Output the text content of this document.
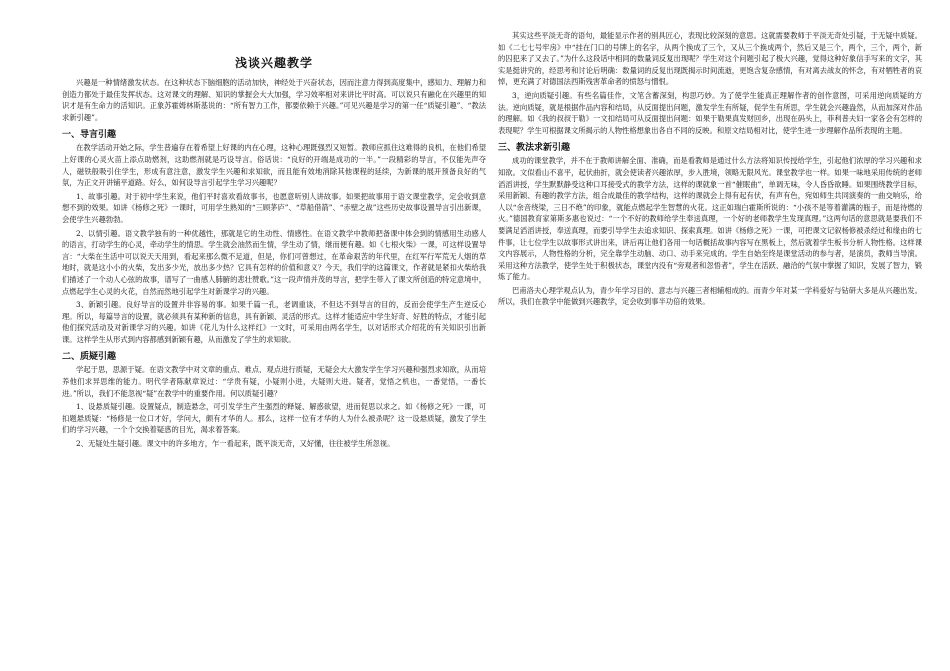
浅谈兴趣教学

兴趣是一种情绪激发状态。在这种状态下脑细胞的活动加快，神经处于兴奋状态，因而注意力得到高度集中，感知力、理解力和创造力都处于最佳发挥状态。这对课文的理解、知识的掌握会大大加强，学习效率相对来讲比平时高。可以说只有融化在兴趣里的知识才是有生命力的活知识。正象苏霍姆林斯基说的：“所有智力工作，都要依赖于兴趣。”可见兴趣是学习的第一任“质疑引趣”、“教法求新引趣”。

一、导言引趣

在教学活动开始之际，学生普遍存在着希望上好课的内在心理，这种心理既强烈又短暂。教师应抓住这难得的良机，在他们希望上好课的心灵火苗上添点助燃剂，这助燃剂就是巧设导言。俗话说：“良好的开端是成功的一半。”一段精彩的导言，不仅能先声夺人，磁铁般吸引住学生，形成有意注意，激发学生兴趣和求知欲，而且能有效地消除其他课程的延续，为新课的展开预备良好的气氛，为正文开讲铺平道路。好么，如何设导言引起学生学习兴趣呢？

1、故事引趣。对于初中学生来说，他们平时喜欢看故事书，也愿意听别人讲故事。如果把故事用于语文课堂教学，定会收到意想不到的效果。如讲《杨修之死》一课时，可用学生熟知的“三顾茅庐”、“草船借箭”、“赤壁之战”这些历史故事设置导言引出新课，会使学生兴趣勃勃。

2、以情引趣。语文教学独有的一种优越性，那就是它的生动性、情感性。在语文教学中教师把备课中体会到的情感用生动感人的语言，打动学生的心灵，牵动学生的情思。学生就会油然而生情，学生动了情，继而便有趣。如《七根火柴》一课，可这样设置导言：“大柴在生活中可以说天天用到，看起来那么微不足道，但是，你们可曾想过，在革命艰苦的年代里，在红军行军荒无人烟的草地时，就是这小小的火柴，发出多少光，放出多少热？它具有怎样的价值和意义？今天，我们学的这篇课文，作者就是紧扣火柴给我们描述了一个动人心弦的故事，谱写了一曲感人肺腑的悲壮赞歌。”这一段声情并茂的导言，把学生带入了课文所创造的特定意境中，点燃起学生心灵的火花，自然而然地引起学生对新课学习的兴趣。

3、新颖引趣。良好导言的设置并非容易的事。如果千篇一孔，老调重谈，不但达不到导言的目的，反而会使学生产生逆反心理。所以，每篇导言的设置，就必须具有某种新的信息，具有新颖、灵活的形式。这样才能适应中学生好奇、好胜的特点，才能引起他们探究活动及对新课学习的兴趣。如讲《花儿为什么这样红》一文时，可采用由两名学生，以对话形式介绍花的有关知识引出新课。这样学生从形式到内容都感到新颖有趣，从而激发了学生的求知欲。

二、质疑引趣

学起于思，思源于疑。在语文教学中对文章的重点、难点、观点进行质疑，无疑会大大激发学生学习兴趣和强烈求知欲，从而培养他们求异思维的能力。明代学者陈献章说过：“学贵有疑，小疑则小进，大疑则大进。疑者，觉悟之机也，一番觉悟，一番长进。”所以，我们不能忽视“疑”在教学中的重要作用。何以质疑引趣？

1、设悬质疑引趣。设置疑点，制造悬念，可引发学生产生强烈的释疑、解惑欲望，进而促思以求之。如《杨修之死》一课，可扣题悬质疑：“杨修是一位口才好，学问大，颇有才华的人。那么，这样一位有才华的人为什么被杀呢？这一设悬质疑，激发了学生们的学习兴趣，一个个交换着疑惑的目光，渴求着答案。

2、无疑处生疑引趣。课文中的许多地方，乍一看起来，既平淡无奇，又好懂，往往被学生所忽视。

其实这些平淡无奇的语句，最能显示作者的别具匠心，表现比较深刻的意思。这就需要教师于平淡无奇处引疑，于无疑中质疑。如《二七七号牢房》中“挂在门口的号牌上的名字，从两个换成了三个，又从三个换成两个，然后又是三个，两个，三个，两个，新的囚犯来了又去了。”为什么这段话中相同的数量词反复出现呢？学生对这个问题引起了极大兴趣，觉得这种好象信手写来的文字，其实是挺讲究的，经思考和讨论后明确：数量词的反复出现既揭示时间流逝，更饱含复杂感情，有对离去战友的怀念，有对牺牲者的哀悼，更充满了对德国法西斯残害革命者的愤怒与憎恨。

3，逆向质疑引趣。有些名篇佳作，文笔含蓄深刻，构思巧妙。为了使学生能真正理解作者的创作意图，可采用逆向质疑的方法。逆向质疑，就是根据作品内容和结局，从反面提出问题，激发学生有所疑，促学生有所思，学生就会兴趣盎然，从而加深对作品的理解。如《我的叔叔于勒》一文扣结局可从反面提出问题：如果于勒果真发财回乡，出现在码头上，菲利普夫妇一家各会有怎样的表现呢？学生可根据课文所揭示的人物性格想象出各自不同的反映。和原文结局相对比，使学生进一步理解作品所表现的主题。

三、教法求新引趣

成功的课堂教学，并不在于教师讲解全面、准确，而是看教师是通过什么方法将知识传授给学生，引起他们浓厚的学习兴趣和求知欲。文似看山不喜平，起伏曲折，就会使读者兴趣浓厚，步入胜境，领略无限风光。课堂教学也一样。如果一味地采用传统的老师滔滔讲授，学生默默静受这种口耳接受式的教学方法，这样的课就象一首“催眠曲”，单调无味，令人昏昏欲睡。如果围绕教学目标，采用新颖、有趣的教学方法，组合成最佳的教学结构，这样的课就会上得有起有伏，有声有色，宛如师生共同演奏的一曲交响乐，给人以“余音绕梁，三日不绝”的印象，就能点燃起学生智慧的火花。这正如瑞白霍斯所说的：“小孩不是等着灌满的瓶子，而是待燃的火。”德国教育家第斯多惠也说过：“一个不好的教师给学生奉送真理，一个好的老师教学生发现真理。”这两句话的意思就是要我们不要满足滔滔讲授，奉送真理，而要引导学生去追求知识、探索真理。如讲《杨修之死》一课，可把课文记叙杨修被杀经过和缘由的七件事，让七位学生以故事形式讲出来，讲后再让他们各用一句话概括故事内容写在黑板上，然后就着学生板书分析人物性格。这样课文内容展示，人物性格的分析，完全靠学生动脑、动口、动手来完成的。学生自始至终是课堂活动的参与者，是演员，教师当导演。采用这种方法教学，使学生处于积极状态，课堂内没有“旁观者和忽悟者”，学生在活跃、融洽的气氛中掌握了知识，发展了智力，锻炼了能力。

巴甫洛夫心理学观点认为，青少年学习目的、意志与兴趣三者相辅相成的。而青少年对某一学科爱好与钻研大多是从兴趣出发。所以，我们在教学中能做到兴趣教学，定会收到事半功倍的效果。
